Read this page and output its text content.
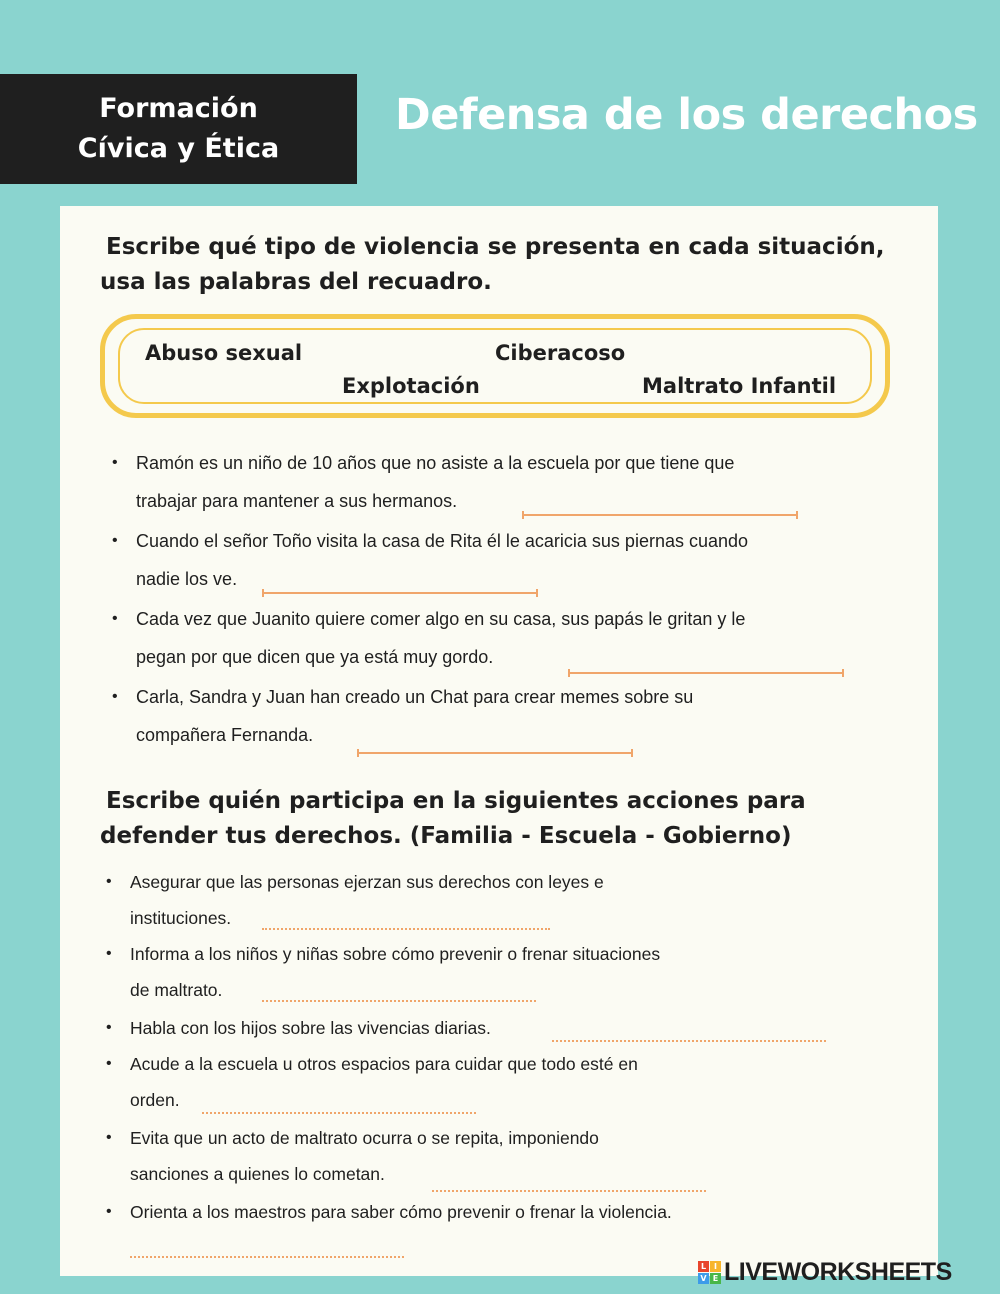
Formación
Cívica y Ética
Defensa de los derechos
Escribe qué tipo de violencia se presenta en cada situación,
usa las palabras del recuadro.
Abuso sexual	Ciberacoso
Explotación	Maltrato Infantil
• Ramón es un niño de 10 años que no asiste a la escuela por que tiene que
trabajar para mantener a sus hermanos.
• Cuando el señor Toño visita la casa de Rita él le acaricia sus piernas cuando
nadie los ve.
• Cada vez que Juanito quiere comer algo en su casa, sus papás le gritan y le
pegan por que dicen que ya está muy gordo.
• Carla, Sandra y Juan han creado un Chat para crear memes sobre su
compañera Fernanda.
Escribe quién participa en la siguientes acciones para
defender tus derechos. (Familia - Escuela - Gobierno)
• Asegurar que las personas ejerzan sus derechos con leyes e
instituciones.
• Informa a los niños y niñas sobre cómo prevenir o frenar situaciones
de maltrato.
• Habla con los hijos sobre las vivencias diarias.
• Acude a la escuela u otros espacios para cuidar que todo esté en
orden.
• Evita que un acto de maltrato ocurra o se repita, imponiendo
sanciones a quienes lo cometan.
• Orienta a los maestros para saber cómo prevenir o frenar la violencia.
L I
V E LIVEWORKSHEETS
